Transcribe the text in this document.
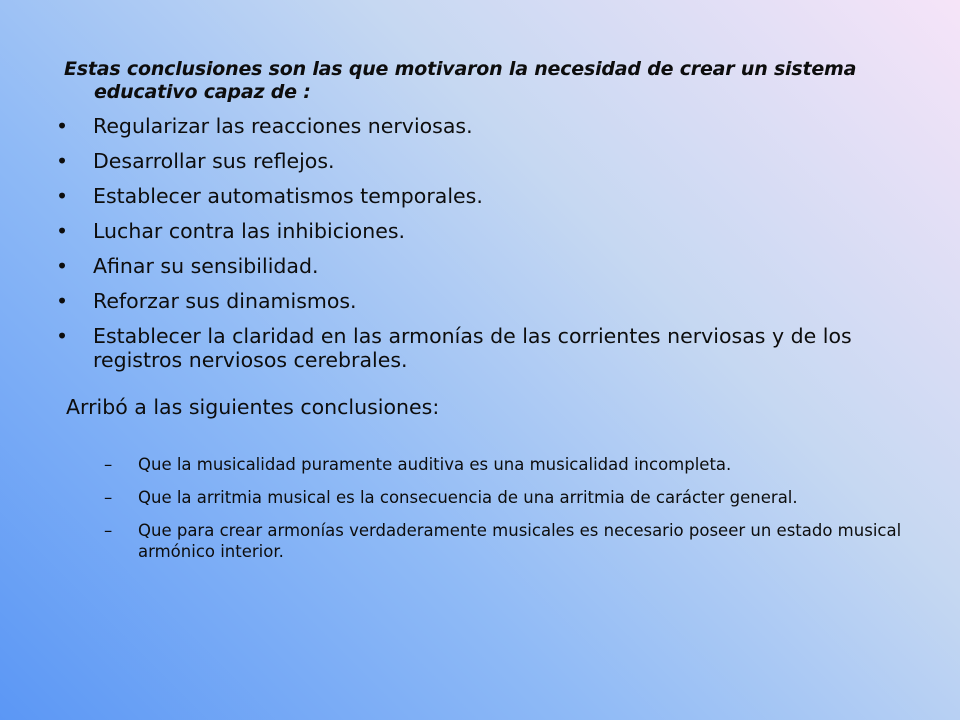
Estas conclusiones son las que motivaron la necesidad de crear un sistema educativo capaz de :
• Regularizar las reacciones nerviosas.
• Desarrollar sus reflejos.
• Establecer automatismos temporales.
• Luchar contra las inhibiciones.
• Afinar su sensibilidad.
• Reforzar sus dinamismos.
• Establecer la claridad en las armonías de las corrientes nerviosas y de los registros nerviosos cerebrales.
Arribó a las siguientes conclusiones:
– Que la musicalidad puramente auditiva es una musicalidad incompleta.
– Que la arritmia musical es la consecuencia de una arritmia de carácter general.
– Que para crear armonías verdaderamente musicales es necesario poseer un estado musical armónico interior.
